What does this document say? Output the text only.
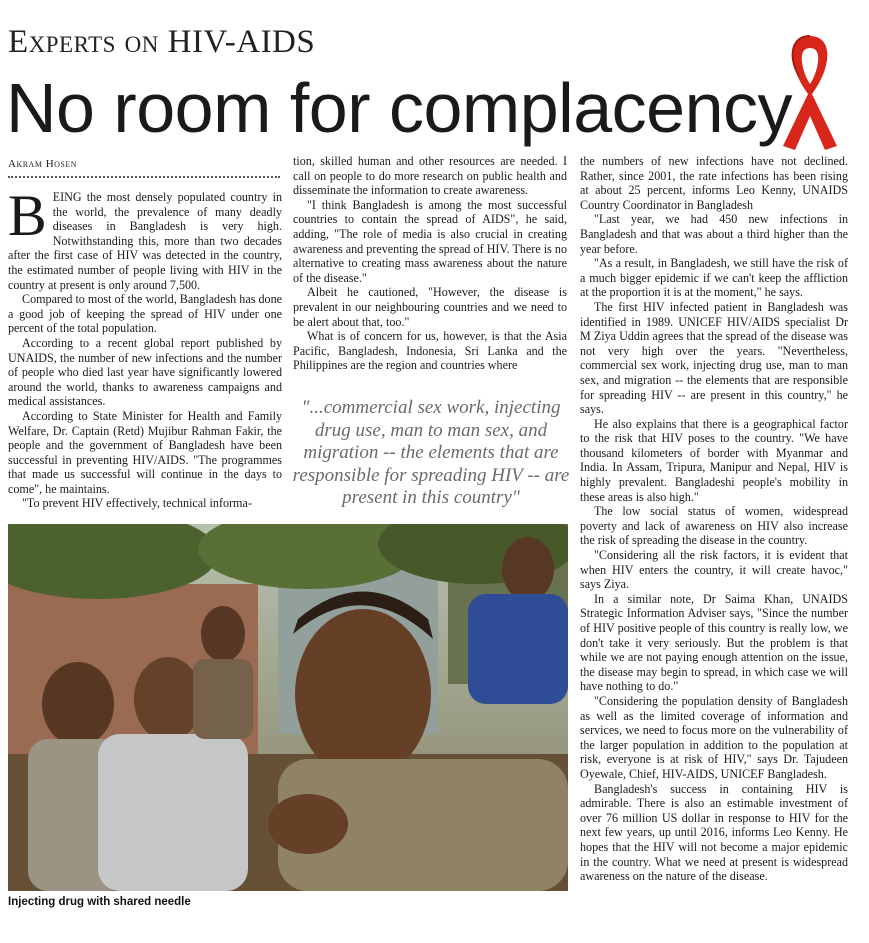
Experts on HIV-AIDS
No room for complacency
Akram Hosen

BEING the most densely populated country in the world, the prevalence of many deadly diseases in Bangladesh is very high. Notwithstanding this, more than two decades after the first case of HIV was detected in the country, the estimated number of people living with HIV in the country at present is only around 7,500.

Compared to most of the world, Bangladesh has done a good job of keeping the spread of HIV under one percent of the total population.

According to a recent global report published by UNAIDS, the number of new infections and the number of people who died last year have significantly lowered around the world, thanks to awareness campaigns and medical assistances.

According to State Minister for Health and Family Welfare, Dr. Captain (Retd) Mujibur Rahman Fakir, the people and the government of Bangladesh have been successful in preventing HIV/AIDS. "The programmes that made us successful will continue in the days to come", he maintains.

"To prevent HIV effectively, technical informa-

tion, skilled human and other resources are needed. I call on people to do more research on public health and disseminate the information to create awareness.

"I think Bangladesh is among the most successful countries to contain the spread of AIDS", he said, adding, "The role of media is also crucial in creating awareness and preventing the spread of HIV. There is no alternative to creating mass awareness about the nature of the disease."

Albeit he cautioned, "However, the disease is prevalent in our neighbouring countries and we need to be alert about that, too."

What is of concern for us, however, is that the Asia Pacific, Bangladesh, Indonesia, Sri Lanka and the Philippines are the region and countries where

"...commercial sex work, injecting drug use, man to man sex, and migration -- the elements that are responsible for spreading HIV -- are present in this country"

the numbers of new infections have not declined. Rather, since 2001, the rate infections has been rising at about 25 percent, informs Leo Kenny, UNAIDS Country Coordinator in Bangladesh

"Last year, we had 450 new infections in Bangladesh and that was about a third higher than the year before.

"As a result, in Bangladesh, we still have the risk of a much bigger epidemic if we can't keep the affliction at the proportion it is at the moment," he says.

The first HIV infected patient in Bangladesh was identified in 1989. UNICEF HIV/AIDS specialist Dr M Ziya Uddin agrees that the spread of the disease was not very high over the years. "Nevertheless, commercial sex work, injecting drug use, man to man sex, and migration -- the elements that are responsible for spreading HIV -- are present in this country," he says.

He also explains that there is a geographical factor to the risk that HIV poses to the country. "We have thousand kilometers of border with Myanmar and India. In Assam, Tripura, Manipur and Nepal, HIV is highly prevalent. Bangladeshi people's mobility in these areas is also high."

The low social status of women, widespread poverty and lack of awareness on HIV also increase the risk of spreading the disease in the country.

"Considering all the risk factors, it is evident that when HIV enters the country, it will create havoc," says Ziya.

In a similar note, Dr Saima Khan, UNAIDS Strategic Information Adviser says, "Since the number of HIV positive people of this country is really low, we don't take it very seriously. But the problem is that while we are not paying enough attention on the issue, the disease may begin to spread, in which case we will have nothing to do."

"Considering the population density of Bangladesh as well as the limited coverage of information and services, we need to focus more on the vulnerability of the larger population in addition to the population at risk, everyone is at risk of HIV," says Dr. Tajudeen Oyewale, Chief, HIV-AIDS, UNICEF Bangladesh.

Bangladesh's success in containing HIV is admirable. There is also an estimable investment of over 76 million US dollar in response to HIV for the next few years, up until 2016, informs Leo Kenny. He hopes that the HIV will not become a major epidemic in the country. What we need at present is widespread awareness on the nature of the disease.

Injecting drug with shared needle
